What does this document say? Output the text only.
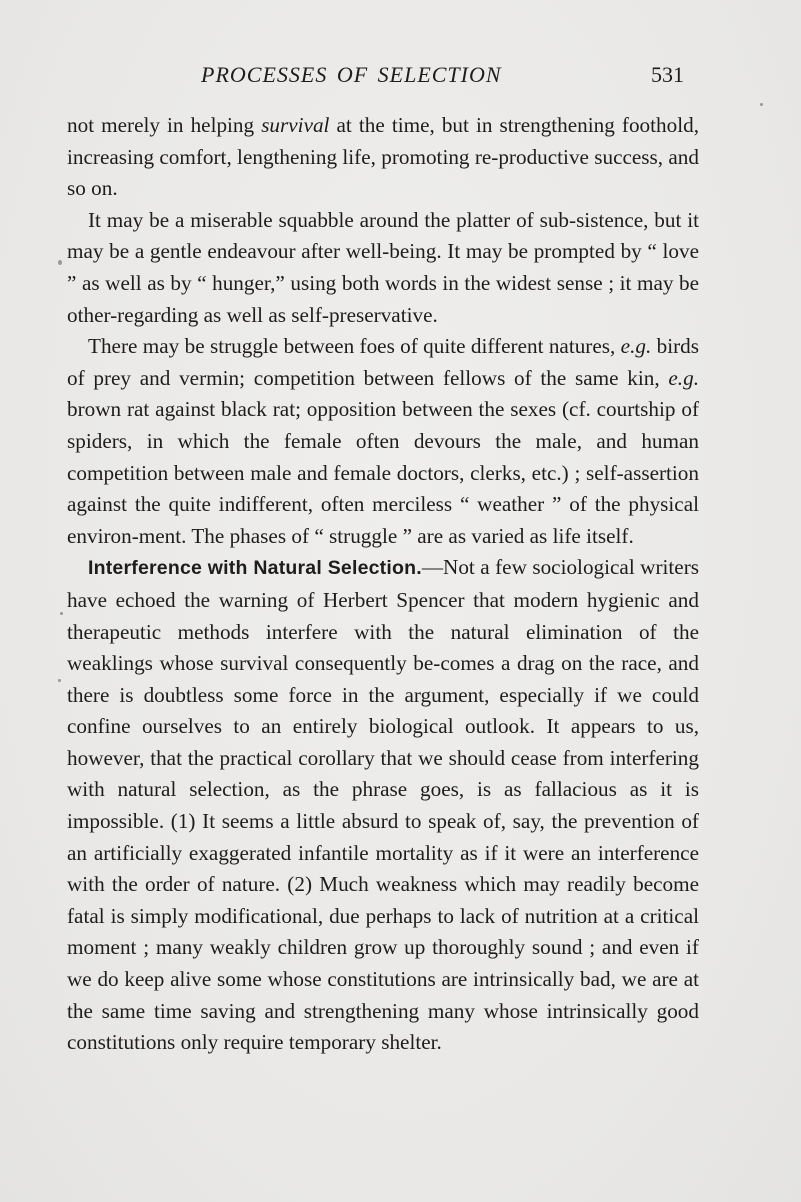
PROCESSES OF SELECTION	531

not merely in helping survival at the time, but in strengthening foothold, increasing comfort, lengthening life, promoting re-productive success, and so on.

It may be a miserable squabble around the platter of sub-sistence, but it may be a gentle endeavour after well-being. It may be prompted by “ love ” as well as by “ hunger,” using both words in the widest sense ; it may be other-regarding as well as self-preservative.

There may be struggle between foes of quite different natures, e.g. birds of prey and vermin; competition between fellows of the same kin, e.g. brown rat against black rat; opposition between the sexes (cf. courtship of spiders, in which the female often devours the male, and human competition between male and female doctors, clerks, etc.) ; self-assertion against the quite indifferent, often merciless “ weather ” of the physical environ-ment. The phases of “ struggle ” are as varied as life itself.

Interference with Natural Selection.—Not a few sociological writers have echoed the warning of Herbert Spencer that modern hygienic and therapeutic methods interfere with the natural elimination of the weaklings whose survival consequently be-comes a drag on the race, and there is doubtless some force in the argument, especially if we could confine ourselves to an entirely biological outlook. It appears to us, however, that the practical corollary that we should cease from interfering with natural selection, as the phrase goes, is as fallacious as it is impossible. (1) It seems a little absurd to speak of, say, the prevention of an artificially exaggerated infantile mortality as if it were an interference with the order of nature. (2) Much weakness which may readily become fatal is simply modificational, due perhaps to lack of nutrition at a critical moment ; many weakly children grow up thoroughly sound ; and even if we do keep alive some whose constitutions are intrinsically bad, we are at the same time saving and strengthening many whose intrinsically good constitutions only require temporary shelter.
